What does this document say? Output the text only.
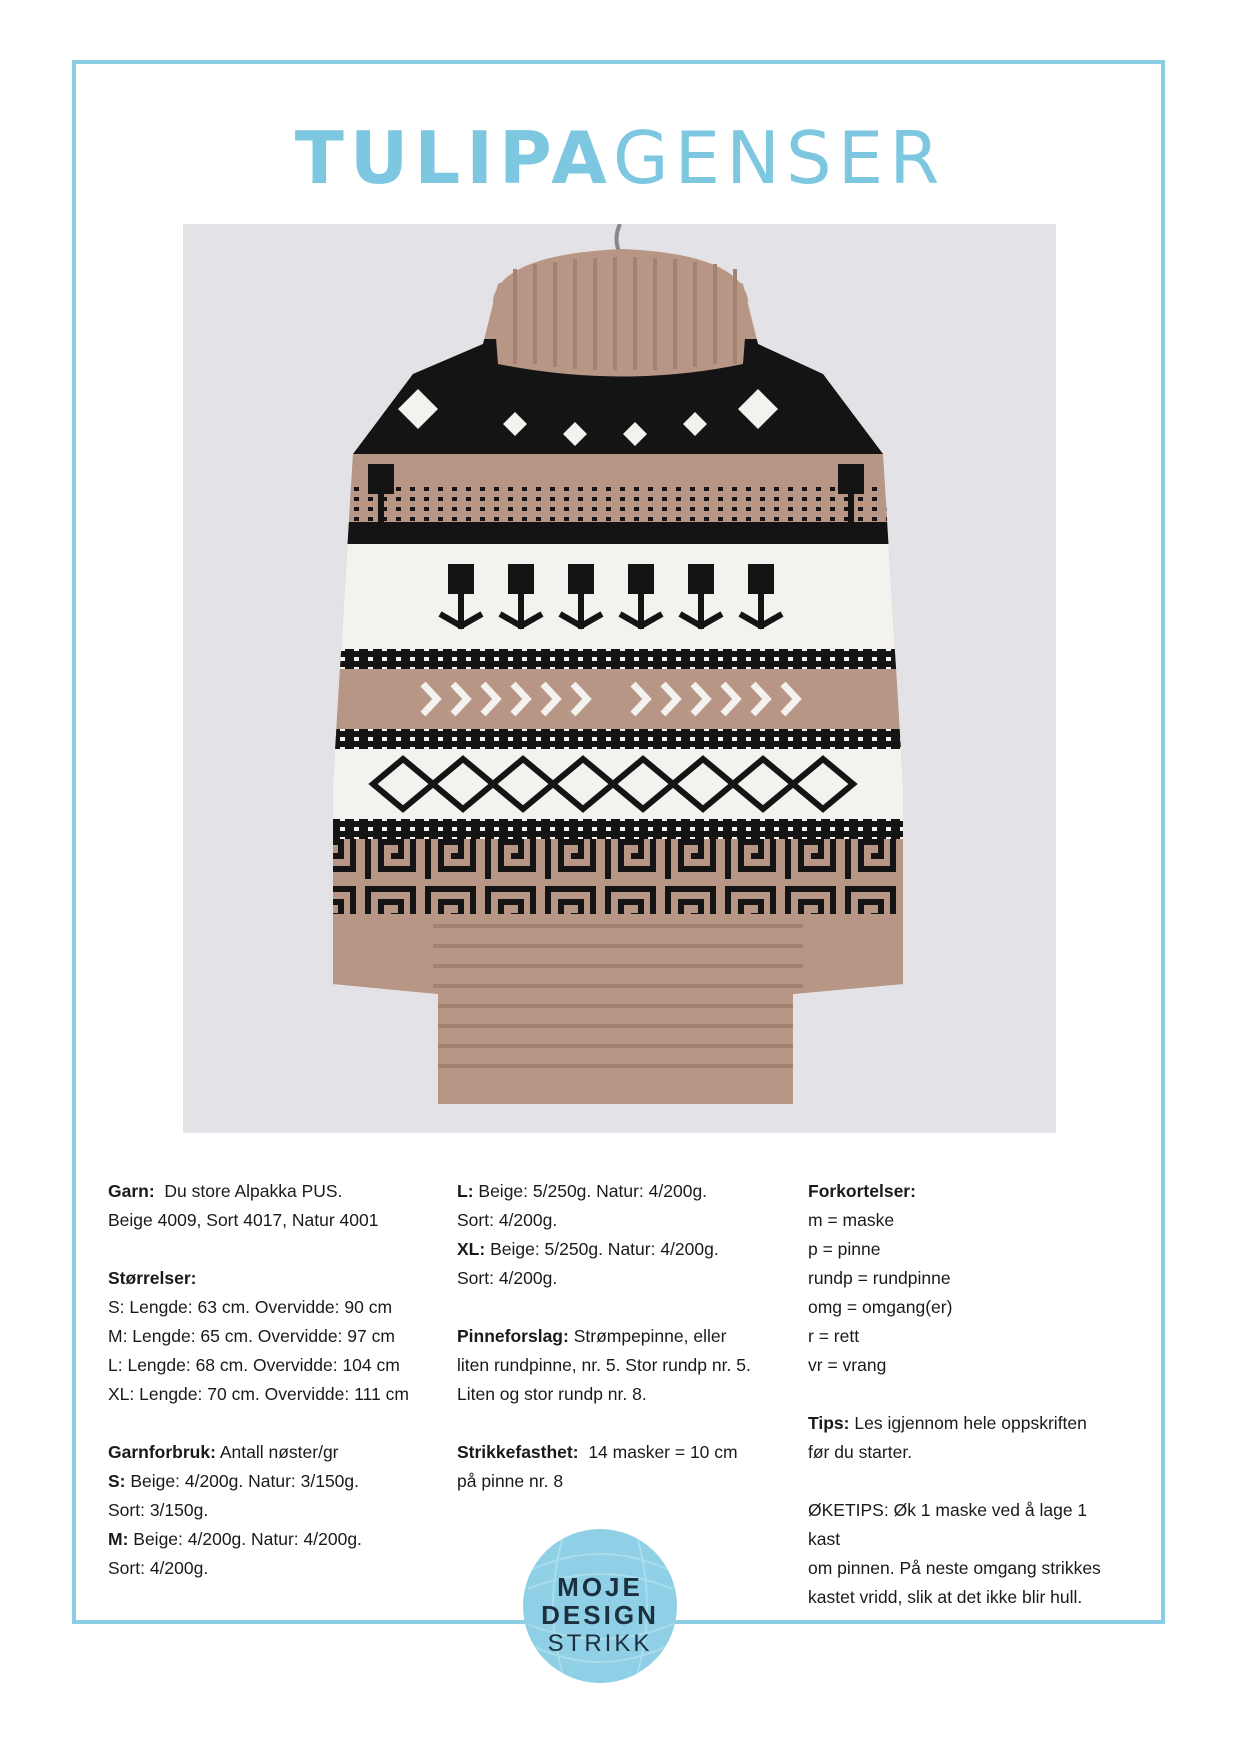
TULIPAGENSER

Garn: Du store Alpakka PUS.
Beige 4009, Sort 4017, Natur 4001

Størrelser:
S: Lengde: 63 cm. Overvidde: 90 cm
M: Lengde: 65 cm. Overvidde: 97 cm
L: Lengde: 68 cm. Overvidde: 104 cm
XL: Lengde: 70 cm. Overvidde: 111 cm

Garnforbruk: Antall nøster/gr
S: Beige: 4/200g. Natur: 3/150g.
Sort: 3/150g.
M: Beige: 4/200g. Natur: 4/200g.
Sort: 4/200g.

L: Beige: 5/250g. Natur: 4/200g.
Sort: 4/200g.
XL: Beige: 5/250g. Natur: 4/200g.
Sort: 4/200g.

Pinneforslag: Strømpepinne, eller
liten rundpinne, nr. 5. Stor rundp nr. 5.
Liten og stor rundp nr. 8.

Strikkefasthet: 14 masker = 10 cm
på pinne nr. 8

Forkortelser:
m = maske
p = pinne
rundp = rundpinne
omg = omgang(er)
r = rett
vr = vrang

Tips: Les igjennom hele oppskriften
før du starter.

ØKETIPS: Øk 1 maske ved å lage 1 kast
om pinnen. På neste omgang strikkes
kastet vridd, slik at det ikke blir hull.

MOJE
DESIGN
STRIKK
